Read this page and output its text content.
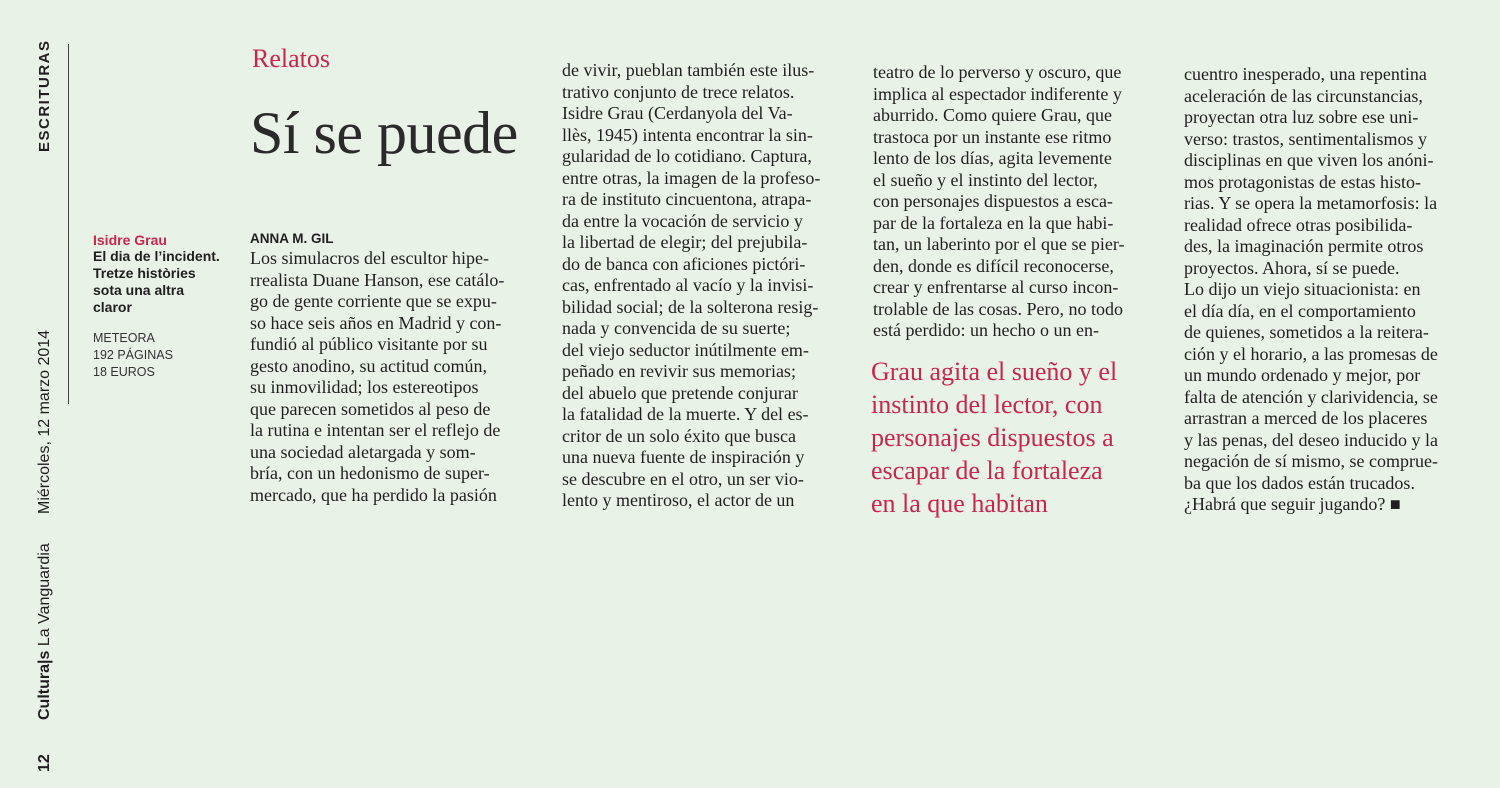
ESCRITURAS
Miércoles, 12 marzo 2014
Cultura|s La Vanguardia
12
Isidre Grau
El dia de l’incident.
Tretze històries
sota una altra
claror
METEORA
192 PÁGINAS
18 EUROS
Relatos
Sí se puede
ANNA M. GIL
Los simulacros del escultor hipe-
rrealista Duane Hanson, ese catálo-
go de gente corriente que se expu-
so hace seis años en Madrid y con-
fundió al público visitante por su
gesto anodino, su actitud común,
su inmovilidad; los estereotipos
que parecen sometidos al peso de
la rutina e intentan ser el reflejo de
una sociedad aletargada y som-
bría, con un hedonismo de super-
mercado, que ha perdido la pasión
de vivir, pueblan también este ilus-
trativo conjunto de trece relatos.
Isidre Grau (Cerdanyola del Va-
llès, 1945) intenta encontrar la sin-
gularidad de lo cotidiano. Captura,
entre otras, la imagen de la profeso-
ra de instituto cincuentona, atrapa-
da entre la vocación de servicio y
la libertad de elegir; del prejubila-
do de banca con aficiones pictóri-
cas, enfrentado al vacío y la invisi-
bilidad social; de la solterona resig-
nada y convencida de su suerte;
del viejo seductor inútilmente em-
peñado en revivir sus memorias;
del abuelo que pretende conjurar
la fatalidad de la muerte. Y del es-
critor de un solo éxito que busca
una nueva fuente de inspiración y
se descubre en el otro, un ser vio-
lento y mentiroso, el actor de un
teatro de lo perverso y oscuro, que
implica al espectador indiferente y
aburrido. Como quiere Grau, que
trastoca por un instante ese ritmo
lento de los días, agita levemente
el sueño y el instinto del lector,
con personajes dispuestos a esca-
par de la fortaleza en la que habi-
tan, un laberinto por el que se pier-
den, donde es difícil reconocerse,
crear y enfrentarse al curso incon-
trolable de las cosas. Pero, no todo
está perdido: un hecho o un en-
cuentro inesperado, una repentina
aceleración de las circunstancias,
proyectan otra luz sobre ese uni-
verso: trastos, sentimentalismos y
disciplinas en que viven los anóni-
mos protagonistas de estas histo-
rias. Y se opera la metamorfosis: la
realidad ofrece otras posibilida-
des, la imaginación permite otros
proyectos. Ahora, sí se puede.
Lo dijo un viejo situacionista: en
el día día, en el comportamiento
de quienes, sometidos a la reitera-
ción y el horario, a las promesas de
un mundo ordenado y mejor, por
falta de atención y clarividencia, se
arrastran a merced de los placeres
y las penas, del deseo inducido y la
negación de sí mismo, se comprue-
ba que los dados están trucados.
¿Habrá que seguir jugando? ■
Grau agita el sueño y el
instinto del lector, con
personajes dispuestos a
escapar de la fortaleza
en la que habitan
